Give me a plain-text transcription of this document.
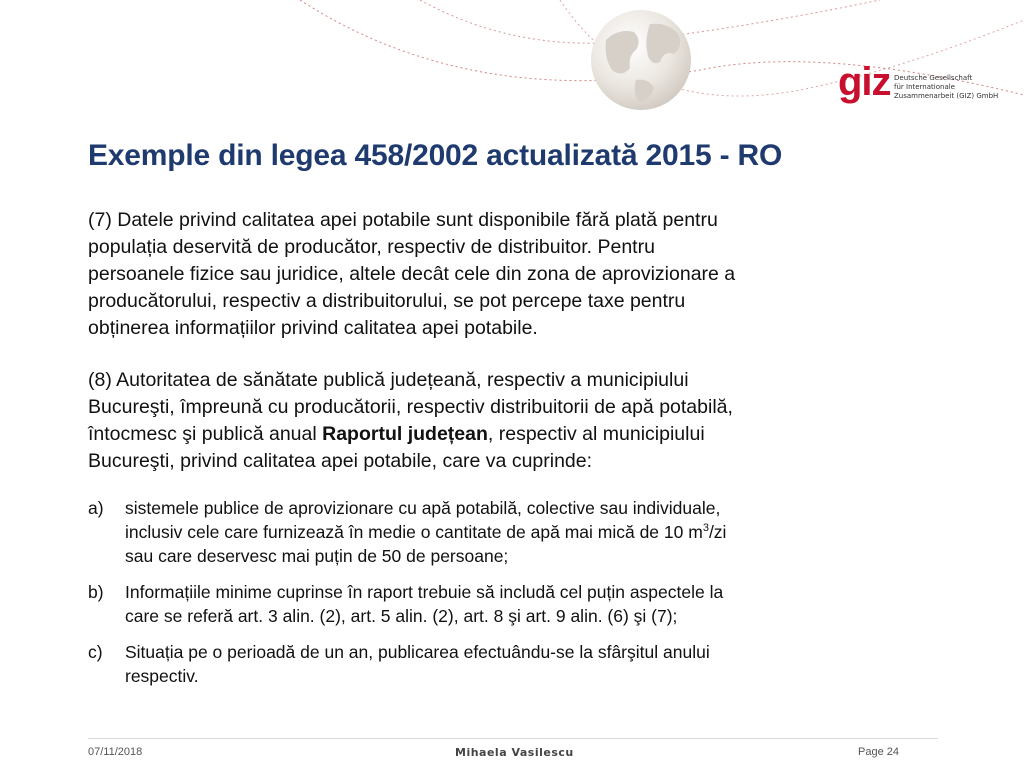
giz Deutsche Gesellschaft
für Internationale
Zusammenarbeit (GIZ) GmbH
Exemple din legea 458/2002 actualizată 2015 - RO

(7) Datele privind calitatea apei potabile sunt disponibile fără plată pentru
populația deservită de producător, respectiv de distribuitor. Pentru
persoanele fizice sau juridice, altele decât cele din zona de aprovizionare a
producătorului, respectiv a distribuitorului, se pot percepe taxe pentru
obținerea informațiilor privind calitatea apei potabile.

(8) Autoritatea de sănătate publică județeană, respectiv a municipiului
Bucureşti, împreună cu producătorii, respectiv distribuitorii de apă potabilă,
întocmesc şi publică anual Raportul județean, respectiv al municipiului
Bucureşti, privind calitatea apei potabile, care va cuprinde:

a) sistemele publice de aprovizionare cu apă potabilă, colective sau individuale,
inclusiv cele care furnizează în medie o cantitate de apă mai mică de 10 $m^3/zi$
sau care deservesc mai puțin de 50 de persoane;
b) Informațiile minime cuprinse în raport trebuie să includă cel puțin aspectele la
care se referă art. 3 alin. (2), art. 5 alin. (2), art. 8 şi art. 9 alin. (6) şi (7);
c) Situația pe o perioadă de un an, publicarea efectuându-se la sfârşitul anului
respectiv.
07/11/2018	Mihaela Vasilescu	Page 24
